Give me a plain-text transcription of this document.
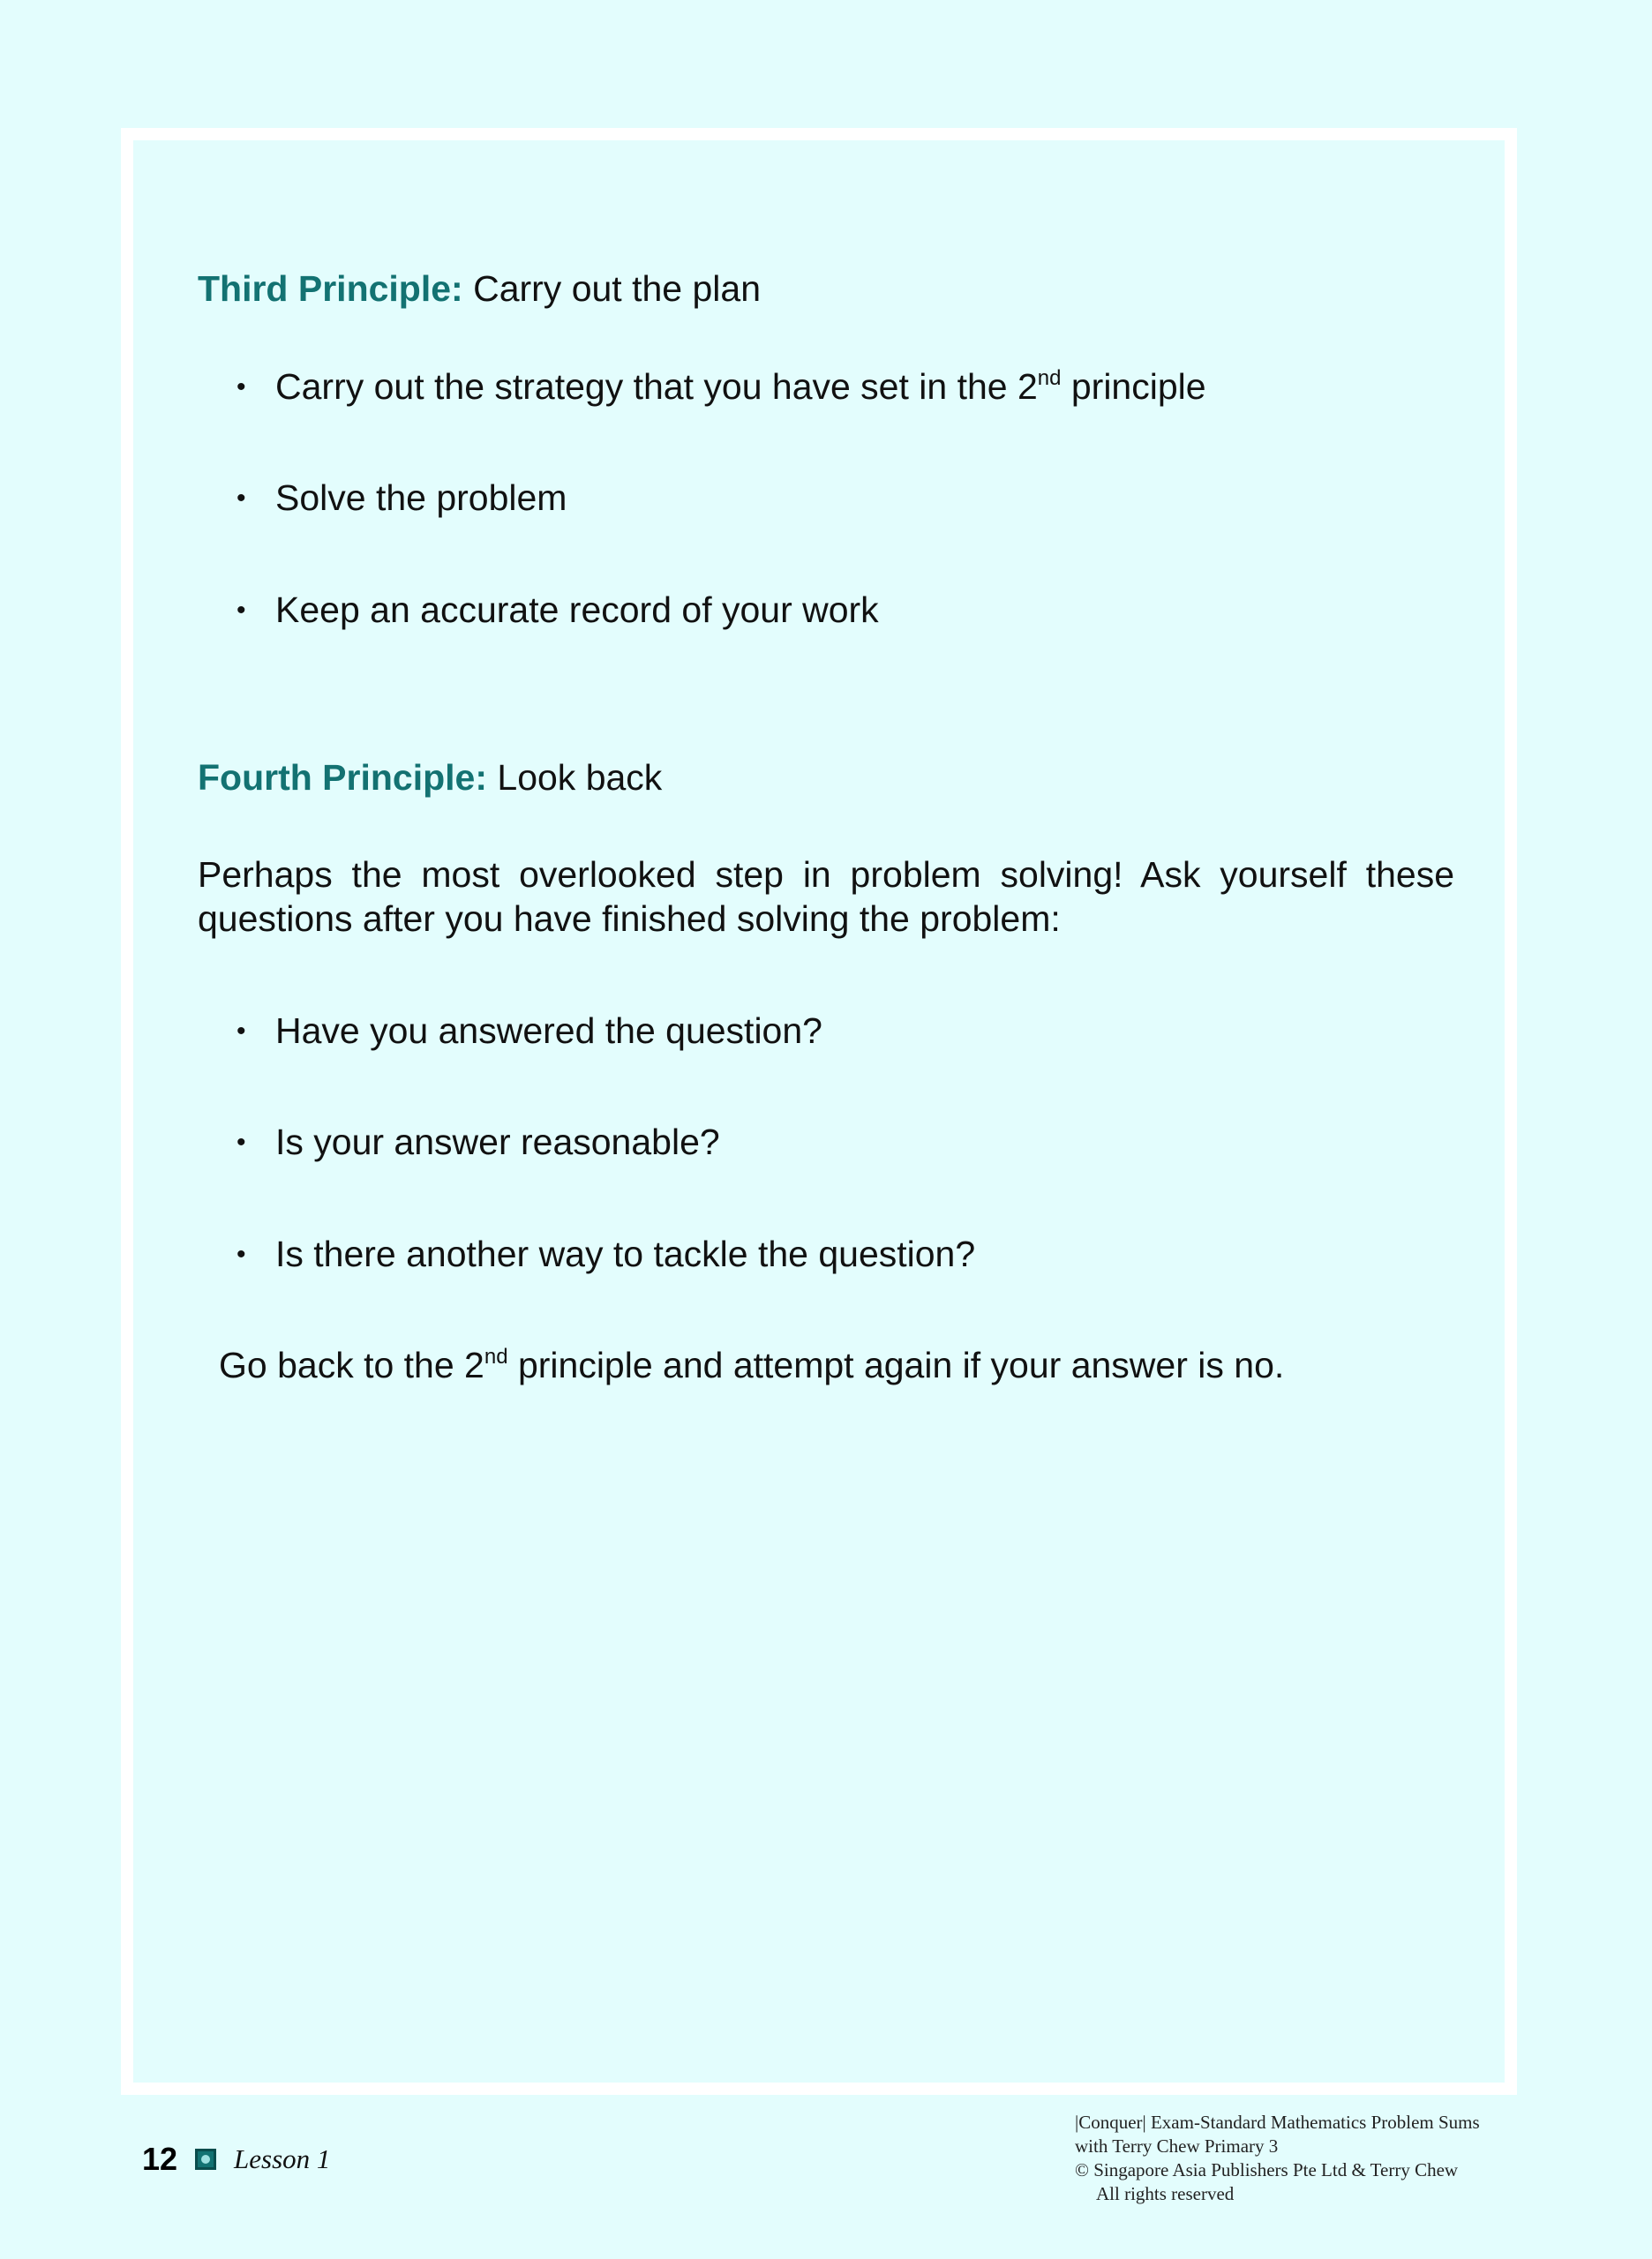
Third Principle: Carry out the plan
• Carry out the strategy that you have set in the 2nd principle
• Solve the problem
• Keep an accurate record of your work
Fourth Principle: Look back
Perhaps the most overlooked step in problem solving! Ask yourself these questions after you have finished solving the problem:
• Have you answered the question?
• Is your answer reasonable?
• Is there another way to tackle the question?
Go back to the 2nd principle and attempt again if your answer is no.
12 Lesson 1
|Conquer| Exam-Standard Mathematics Problem Sums
with Terry Chew Primary 3
© Singapore Asia Publishers Pte Ltd & Terry Chew
All rights reserved
